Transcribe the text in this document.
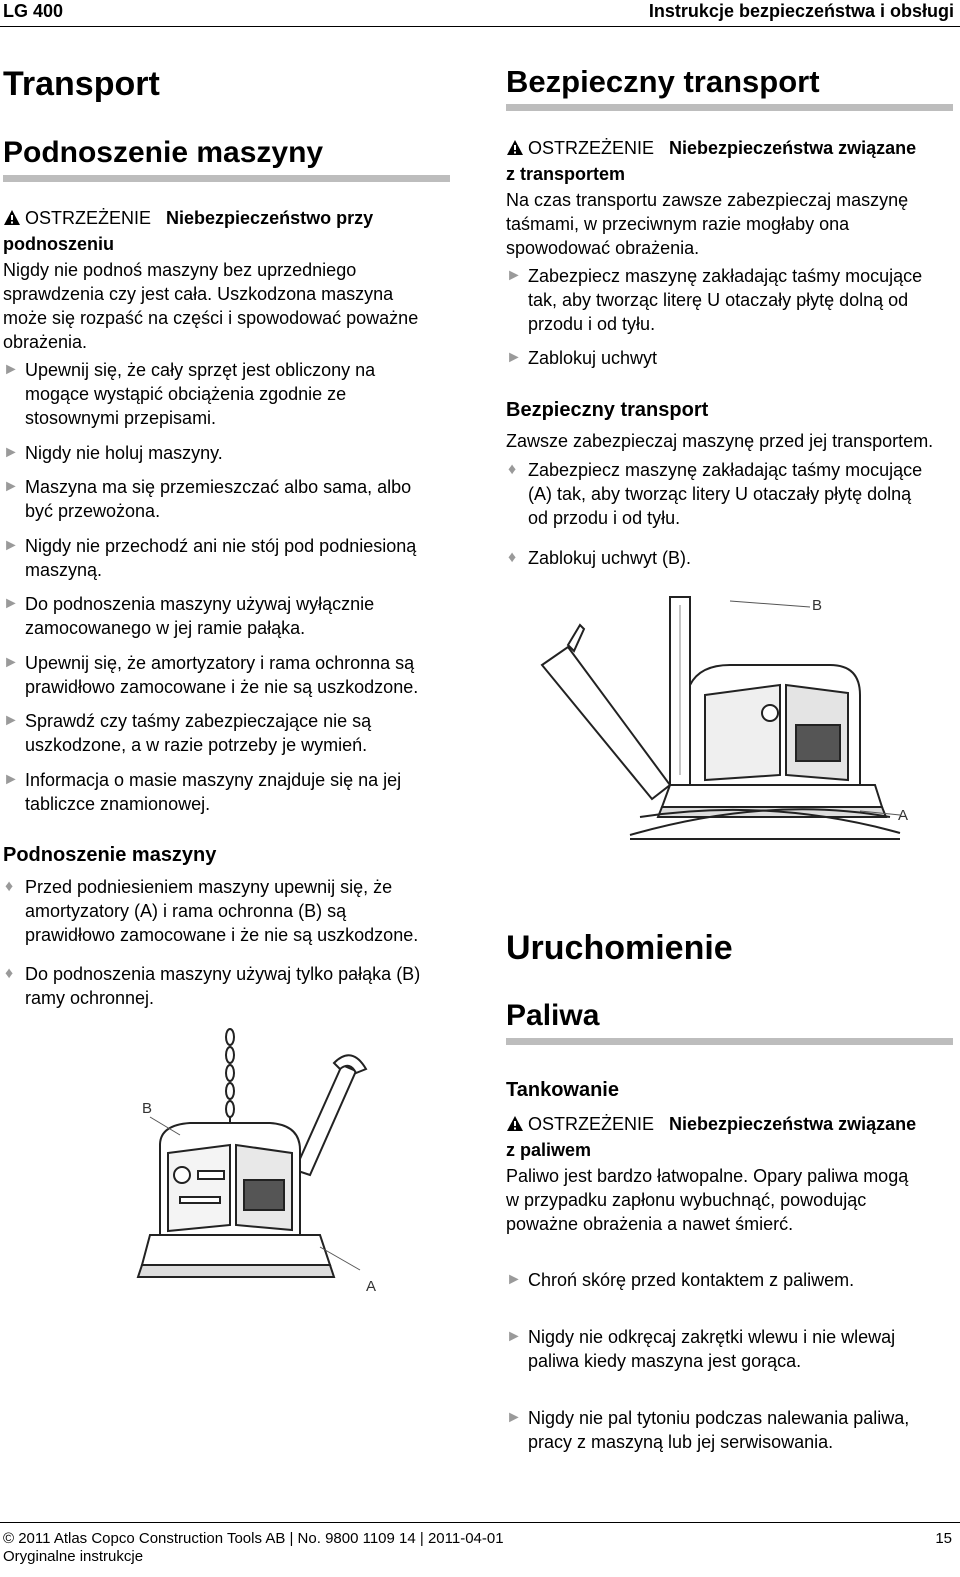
LG 400	Instrukcje bezpieczeństwa i obsługi
Transport
Podnoszenie maszyny
OSTRZEŻENIE Niebezpieczeństwo przy
podnoszeniu
Nigdy nie podnoś maszyny bez uprzedniego
sprawdzenia czy jest cała. Uszkodzona maszyna
może się rozpaść na części i spowodować poważne
obrażenia.
► Upewnij się, że cały sprzęt jest obliczony na
mogące wystąpić obciążenia zgodnie ze
stosownymi przepisami.
► Nigdy nie holuj maszyny.
► Maszyna ma się przemieszczać albo sama, albo
być przewożona.
► Nigdy nie przechodź ani nie stój pod podniesioną
maszyną.
► Do podnoszenia maszyny używaj wyłącznie
zamocowanego w jej ramie pałąka.
► Upewnij się, że amortyzatory i rama ochronna są
prawidłowo zamocowane i że nie są uszkodzone.
► Sprawdź czy taśmy zabezpieczające nie są
uszkodzone, a w razie potrzeby je wymień.
► Informacja o masie maszyny znajduje się na jej
tabliczce znamionowej.
Podnoszenie maszyny
♦ Przed podniesieniem maszyny upewnij się, że
amortyzatory (A) i rama ochronna (B) są
prawidłowo zamocowane i że nie są uszkodzone.
♦ Do podnoszenia maszyny używaj tylko pałąka (B)
ramy ochronnej.
B
A
Bezpieczny transport
OSTRZEŻENIE Niebezpieczeństwa związane
z transportem
Na czas transportu zawsze zabezpieczaj maszynę
taśmami, w przeciwnym razie mogłaby ona
spowodować obrażenia.
► Zabezpiecz maszynę zakładając taśmy mocujące
tak, aby tworząc literę U otaczały płytę dolną od
przodu i od tyłu.
► Zablokuj uchwyt
Bezpieczny transport
Zawsze zabezpieczaj maszynę przed jej transportem.
♦ Zabezpiecz maszynę zakładając taśmy mocujące
(A) tak, aby tworząc litery U otaczały płytę dolną
od przodu i od tyłu.
♦ Zablokuj uchwyt (B).
B
A
Uruchomienie
Paliwa
Tankowanie
OSTRZEŻENIE Niebezpieczeństwa związane
z paliwem
Paliwo jest bardzo łatwopalne. Opary paliwa mogą
w przypadku zapłonu wybuchnąć, powodując
poważne obrażenia a nawet śmierć.
► Chroń skórę przed kontaktem z paliwem.
► Nigdy nie odkręcaj zakrętki wlewu i nie wlewaj
paliwa kiedy maszyna jest gorąca.
► Nigdy nie pal tytoniu podczas nalewania paliwa,
pracy z maszyną lub jej serwisowania.
© 2011 Atlas Copco Construction Tools AB | No. 9800 1109 14 | 2011-04-01
Oryginalne instrukcje
15
